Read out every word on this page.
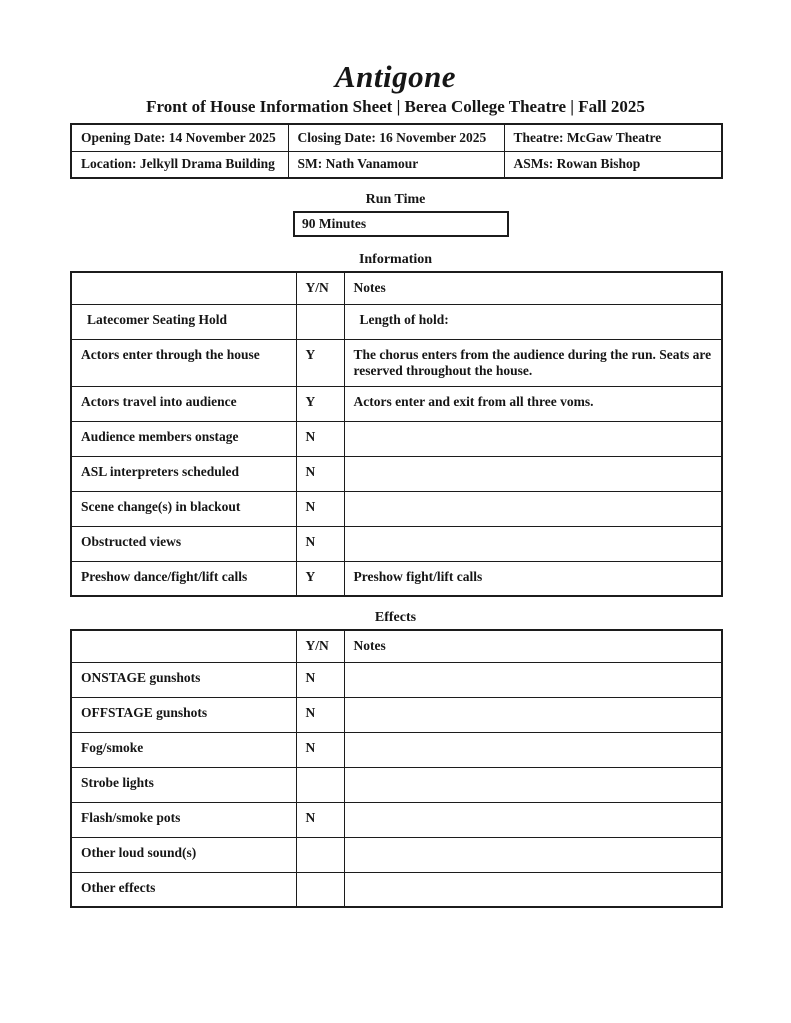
Antigone
Front of House Information Sheet | Berea College Theatre | Fall 2025
Opening Date: 14 November 2025	Closing Date: 16 November 2025	Theatre: McGaw Theatre
Location: Jelkyll Drama Building	SM: Nath Vanamour	ASMs: Rowan Bishop
Run Time
90 Minutes
Information
	Y/N	Notes
Latecomer Seating Hold		Length of hold:
Actors enter through the house	Y	The chorus enters from the audience during the run. Seats are reserved throughout the house.
Actors travel into audience	Y	Actors enter and exit from all three voms.
Audience members onstage	N	
ASL interpreters scheduled	N	
Scene change(s) in blackout	N	
Obstructed views	N	
Preshow dance/fight/lift calls	Y	Preshow fight/lift calls
Effects
	Y/N	Notes
ONSTAGE gunshots	N	
OFFSTAGE gunshots	N	
Fog/smoke	N	
Strobe lights		
Flash/smoke pots	N	
Other loud sound(s)		
Other effects		
